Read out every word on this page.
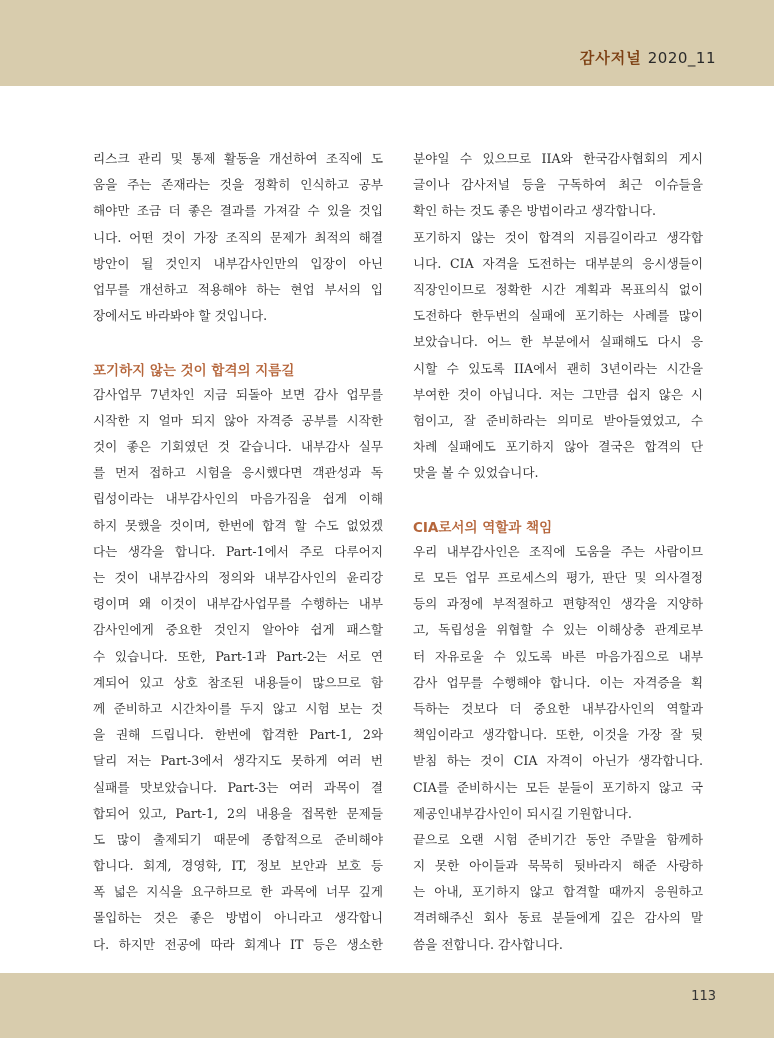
감사저널 2020_11
리스크 관리 및 통제 활동을 개선하여 조직에 도
움을 주는 존재라는 것을 정확히 인식하고 공부
해야만 조금 더 좋은 결과를 가져갈 수 있을 것입
니다. 어떤 것이 가장 조직의 문제가 최적의 해결
방안이 될 것인지 내부감사인만의 입장이 아닌
업무를 개선하고 적용해야 하는 현업 부서의 입
장에서도 바라봐야 할 것입니다.
포기하지 않는 것이 합격의 지름길
감사업무 7년차인 지금 되돌아 보면 감사 업무를
시작한 지 얼마 되지 않아 자격증 공부를 시작한
것이 좋은 기회였던 것 같습니다. 내부감사 실무
를 먼저 접하고 시험을 응시했다면 객관성과 독
립성이라는 내부감사인의 마음가짐을 쉽게 이해
하지 못했을 것이며, 한번에 합격 할 수도 없었겠
다는 생각을 합니다. Part-1에서 주로 다루어지
는 것이 내부감사의 정의와 내부감사인의 윤리강
령이며 왜 이것이 내부감사업무를 수행하는 내부
감사인에게 중요한 것인지 알아야 쉽게 패스할
수 있습니다. 또한, Part-1과 Part-2는 서로 연
계되어 있고 상호 참조된 내용들이 많으므로 함
께 준비하고 시간차이를 두지 않고 시험 보는 것
을 권해 드립니다. 한번에 합격한 Part-1, 2와
달리 저는 Part-3에서 생각지도 못하게 여러 번
실패를 맛보았습니다. Part-3는 여러 과목이 결
합되어 있고, Part-1, 2의 내용을 접목한 문제들
도 많이 출제되기 때문에 종합적으로 준비해야
합니다. 회계, 경영학, IT, 정보 보안과 보호 등
폭 넓은 지식을 요구하므로 한 과목에 너무 깊게
몰입하는 것은 좋은 방법이 아니라고 생각합니
다. 하지만 전공에 따라 회계나 IT 등은 생소한
분야일 수 있으므로 IIA와 한국감사협회의 게시
글이나 감사저널 등을 구독하여 최근 이슈들을
확인 하는 것도 좋은 방법이라고 생각합니다.
포기하지 않는 것이 합격의 지름길이라고 생각합
니다. CIA 자격을 도전하는 대부분의 응시생들이
직장인이므로 정확한 시간 계획과 목표의식 없이
도전하다 한두번의 실패에 포기하는 사례를 많이
보았습니다. 어느 한 부분에서 실패해도 다시 응
시할 수 있도록 IIA에서 괜히 3년이라는 시간을
부여한 것이 아닙니다. 저는 그만큼 쉽지 않은 시
험이고, 잘 준비하라는 의미로 받아들였었고, 수
차례 실패에도 포기하지 않아 결국은 합격의 단
맛을 볼 수 있었습니다.
CIA로서의 역할과 책임
우리 내부감사인은 조직에 도움을 주는 사람이므
로 모든 업무 프로세스의 평가, 판단 및 의사결정
등의 과정에 부적절하고 편향적인 생각을 지양하
고, 독립성을 위협할 수 있는 이해상충 관계로부
터 자유로울 수 있도록 바른 마음가짐으로 내부
감사 업무를 수행해야 합니다. 이는 자격증을 획
득하는 것보다 더 중요한 내부감사인의 역할과
책임이라고 생각합니다. 또한, 이것을 가장 잘 뒷
받침 하는 것이 CIA 자격이 아닌가 생각합니다.
CIA를 준비하시는 모든 분들이 포기하지 않고 국
제공인내부감사인이 되시길 기원합니다.
끝으로 오랜 시험 준비기간 동안 주말을 함께하
지 못한 아이들과 묵묵히 뒷바라지 해준 사랑하
는 아내, 포기하지 않고 합격할 때까지 응원하고
격려해주신 회사 동료 분들에게 깊은 감사의 말
씀을 전합니다. 감사합니다.
113
